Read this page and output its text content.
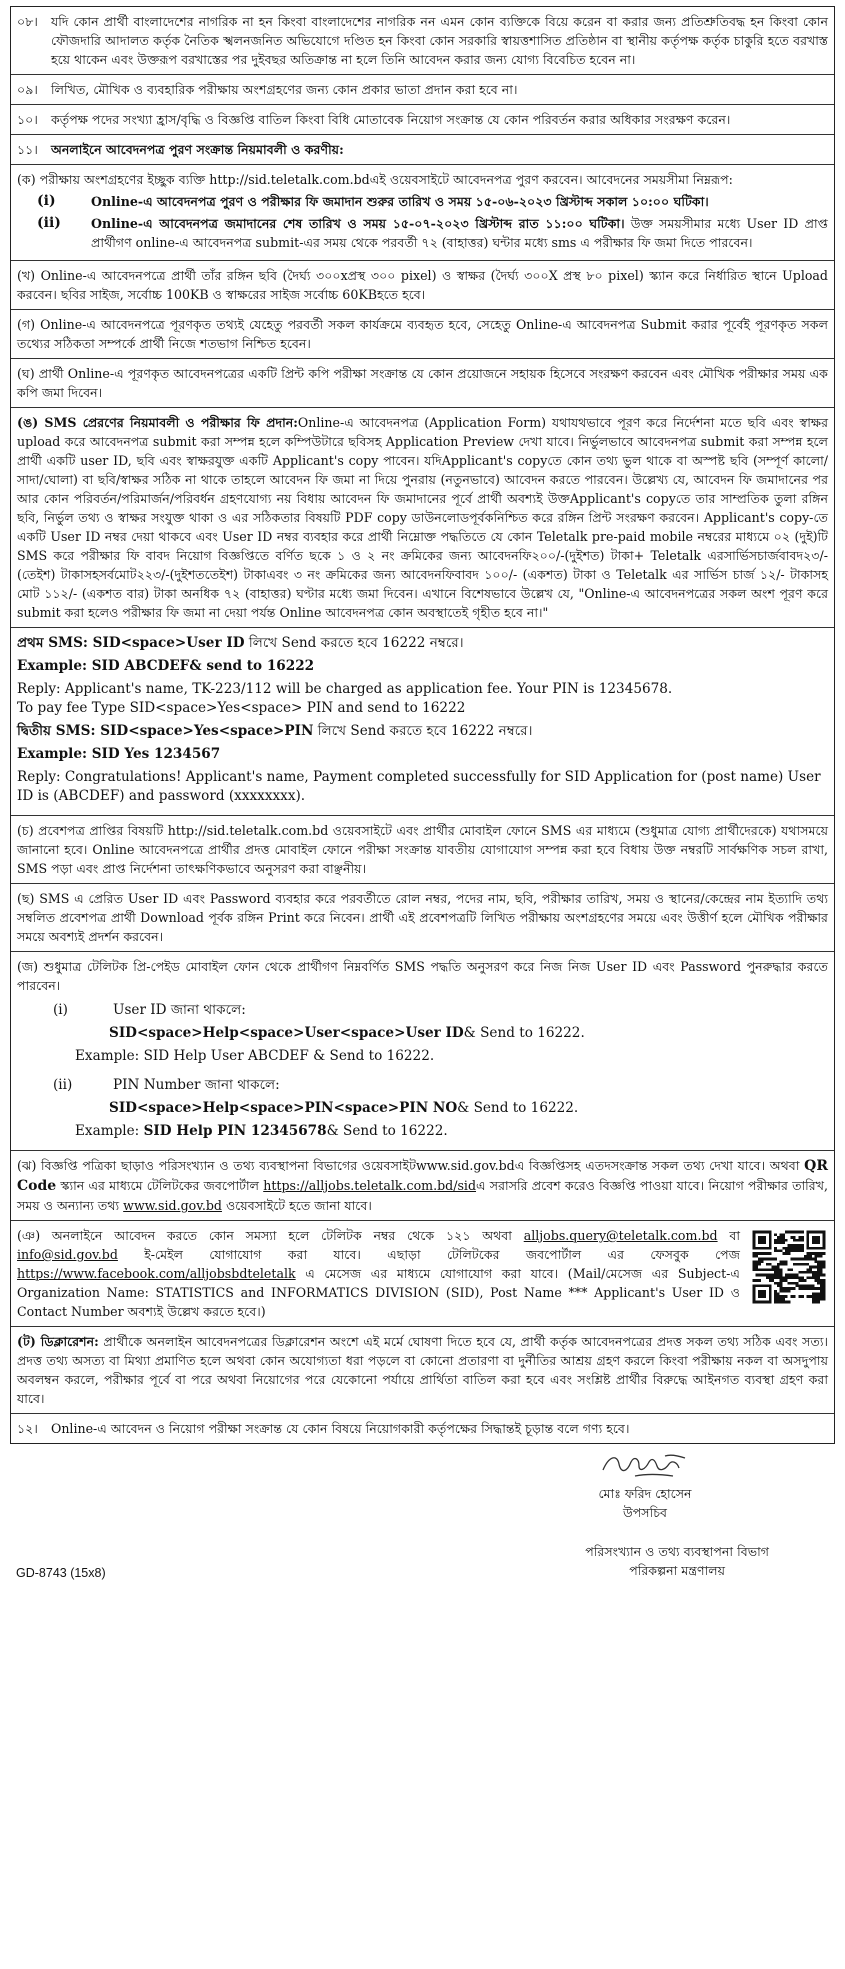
০৮।	যদি কোন প্রার্থী বাংলাদেশের নাগরিক না হন কিংবা বাংলাদেশের নাগরিক নন এমন কোন ব্যক্তিকে বিয়ে করেন বা করার জন্য প্রতিশ্রুতিবদ্ধ হন কিংবা কোন ফৌজদারি আদালত কর্তৃক নৈতিক স্খলনজনিত অভিযোগে দণ্ডিত হন কিংবা কোন সরকারি স্বায়ত্তশাসিত প্রতিষ্ঠান বা স্থানীয় কর্তৃপক্ষ কর্তৃক চাকুরি হতে বরখাস্ত হয়ে থাকেন এবং উক্তরূপ বরখাস্তের পর দুইবছর অতিক্রান্ত না হলে তিনি আবেদন করার জন্য যোগ্য বিবেচিত হবেন না।
০৯।	লিখিত, মৌখিক ও ব্যবহারিক পরীক্ষায় অংশগ্রহণের জন্য কোন প্রকার ভাতা প্রদান করা হবে না।
১০।	কর্তৃপক্ষ পদের সংখ্যা হ্রাস/বৃদ্ধি ও বিজ্ঞপ্তি বাতিল কিংবা বিধি মোতাবেক নিয়োগ সংক্রান্ত যে কোন পরিবর্তন করার অধিকার সংরক্ষণ করেন।
১১।	অনলাইনে আবেদনপত্র পুরণ সংক্রান্ত নিয়মাবলী ও করণীয়:
(ক) পরীক্ষায় অংশগ্রহণের ইচ্ছুক ব্যক্তি http://sid.teletalk.com.bdএই ওয়েবসাইটে আবেদনপত্র পুরণ করবেন। আবেদনের সময়সীমা নিম্নরূপ:
(i)	Online-এ আবেদনপত্র পুরণ ও পরীক্ষার ফি জমাদান শুরুর তারিখ ও সময় ১৫-০৬-২০২৩ খ্রিস্টাব্দ সকাল ১০:০০ ঘটিকা।
(ii)	Online-এ আবেদনপত্র জমাদানের শেষ তারিখ ও সময় ১৫-০৭-২০২৩ খ্রিস্টাব্দ রাত ১১:০০ ঘটিকা। উক্ত সময়সীমার মধ্যে User ID প্রাপ্ত প্রার্থীগণ online-এ আবেদনপত্র submit-এর সময় থেকে পরবর্তী ৭২ (বাহাত্তর) ঘন্টার মধ্যে sms এ পরীক্ষার ফি জমা দিতে পারবেন।
(খ) Online-এ আবেদনপত্রে প্রার্থী তাঁর রঙ্গিন ছবি (দৈর্ঘ্য ৩০০xপ্রস্থ ৩০০ pixel) ও স্বাক্ষর (দৈর্ঘ্য ৩০০X প্রস্থ ৮০ pixel) স্ক্যান করে নির্ধারিত স্থানে Upload করবেন। ছবির সাইজ, সর্বোচ্চ 100KB ও স্বাক্ষরের সাইজ সর্বোচ্চ 60KBহতে হবে।
(গ) Online-এ আবেদনপত্রে পূরণকৃত তথ্যই যেহেতু পরবর্তী সকল কার্যক্রমে ব্যবহৃত হবে, সেহেতু Online-এ আবেদনপত্র Submit করার পূর্বেই পূরণকৃত সকল তথ্যের সঠিকতা সম্পর্কে প্রার্থী নিজে শতভাগ নিশ্চিত হবেন।
(ঘ) প্রার্থী Online-এ পূরণকৃত আবেদনপত্রের একটি প্রিন্ট কপি পরীক্ষা সংক্রান্ত যে কোন প্রয়োজনে সহায়ক হিসেবে সংরক্ষণ করবেন এবং মৌখিক পরীক্ষার সময় এক কপি জমা দিবেন।
(ঙ) SMS প্রেরণের নিয়মাবলী ও পরীক্ষার ফি প্রদান:Online-এ আবেদনপত্র (Application Form) যথাযথভাবে পূরণ করে নির্দেশনা মতে ছবি এবং স্বাক্ষর upload করে আবেদনপত্র submit করা সম্পন্ন হলে কম্পিউটারে ছবিসহ Application Preview দেখা যাবে। নির্ভুলভাবে আবেদনপত্র submit করা সম্পন্ন হলে প্রার্থী একটি user ID, ছবি এবং স্বাক্ষরযুক্ত একটি Applicant's copy পাবেন। যদিApplicant's copyতে কোন তথ্য ভুল থাকে বা অস্পষ্ট ছবি (সম্পূর্ণ কালো/সাদা/ঘোলা) বা ছবি/স্বাক্ষর সঠিক না থাকে তাহলে আবেদন ফি জমা না দিয়ে পুনরায় (নতুনভাবে) আবেদন করতে পারবেন। উল্লেখ্য যে, আবেদন ফি জমাদানের পর আর কোন পরিবর্তন/পরিমার্জন/পরিবর্ধন গ্রহণযোগ্য নয় বিধায় আবেদন ফি জমাদানের পূর্বে প্রার্থী অবশ্যই উক্তApplicant's copyতে তার সাম্প্রতিক তুলা রঙ্গিন ছবি, নির্ভুল তথ্য ও স্বাক্ষর সংযুক্ত থাকা ও এর সঠিকতার বিষয়টি PDF copy ডাউনলোডপূর্বকনিশ্চিত করে রঙ্গিন প্রিন্ট সংরক্ষণ করবেন। Applicant's copy-তে একটি User ID নম্বর দেয়া থাকবে এবং User ID নম্বর ব্যবহার করে প্রার্থী নিম্নোক্ত পদ্ধতিতে যে কোন Teletalk pre-paid mobile নম্বরের মাধ্যমে ০২ (দুই)টি SMS করে পরীক্ষার ফি বাবদ নিয়োগ বিজ্ঞপ্তিতে বর্ণিত ছকে ১ ও ২ নং ক্রমিকের জন্য আবেদনফি২০০/-(দুইশত) টাকা+ Teletalk এরসার্ভিসচার্জবাবদ২৩/- (তেইশ) টাকাসহসর্বমোট২২৩/-(দুইশততেইশ) টাকাএবং ৩ নং ক্রমিকের জন্য আবেদনফিবাবদ ১০০/- (একশত) টাকা ও Teletalk এর সার্ভিস চার্জ ১২/- টাকাসহ মোট ১১২/- (একশত বার) টাকা অনধিক ৭২ (বাহাত্তর) ঘণ্টার মধ্যে জমা দিবেন। এখানে বিশেষভাবে উল্লেখ যে, "Online-এ আবেদনপত্রের সকল অংশ পূরণ করে submit করা হলেও পরীক্ষার ফি জমা না দেয়া পর্যন্ত Online আবেদনপত্র কোন অবস্থাতেই গৃহীত হবে না।"
প্রথম SMS: SID<space>User ID লিখে Send করতে হবে 16222 নম্বরে।
Example: SID ABCDEF& send to 16222
Reply: Applicant's name, TK-223/112 will be charged as application fee. Your PIN is 12345678.
To pay fee Type SID<space>Yes<space> PIN and send to 16222
দ্বিতীয় SMS: SID<space>Yes<space>PIN লিখে Send করতে হবে 16222 নম্বরে।
Example: SID Yes 1234567
Reply: Congratulations! Applicant's name, Payment completed successfully for SID Application for (post name) User ID is (ABCDEF) and password (xxxxxxxx).
(চ) প্রবেশপত্র প্রাপ্তির বিষয়টি http://sid.teletalk.com.bd ওয়েবসাইটে এবং প্রার্থীর মোবাইল ফোনে SMS এর মাধ্যমে (শুধুমাত্র যোগ্য প্রার্থীদেরকে) যথাসময়ে জানানো হবে। Online আবেদনপত্রে প্রার্থীর প্রদত্ত মোবাইল ফোনে পরীক্ষা সংক্রান্ত যাবতীয় যোগাযোগ সম্পন্ন করা হবে বিধায় উক্ত নম্বরটি সার্বক্ষণিক সচল রাখা, SMS পড়া এবং প্রাপ্ত নির্দেশনা তাৎক্ষণিকভাবে অনুসরণ করা বাঞ্ছনীয়।
(ছ) SMS এ প্রেরিত User ID এবং Password ব্যবহার করে পরবর্তীতে রোল নম্বর, পদের নাম, ছবি, পরীক্ষার তারিখ, সময় ও স্থানের/কেন্দ্রের নাম ইত্যাদি তথ্য সম্বলিত প্রবেশপত্র প্রার্থী Download পূর্বক রঙ্গিন Print করে নিবেন। প্রার্থী এই প্রবেশপত্রটি লিখিত পরীক্ষায় অংশগ্রহণের সময়ে এবং উত্তীর্ণ হলে মৌখিক পরীক্ষার সময়ে অবশ্যই প্রদর্শন করবেন।
(জ) শুধুমাত্র টেলিটক প্রি-পেইড মোবাইল ফোন থেকে প্রার্থীগণ নিম্নবর্ণিত SMS পদ্ধতি অনুসরণ করে নিজ নিজ User ID এবং Password পুনরুদ্ধার করতে পারবেন।
(i)	User ID জানা থাকলে:
SID<space>Help<space>User<space>User ID& Send to 16222.
Example: SID Help User ABCDEF & Send to 16222.
(ii)	PIN Number জানা থাকলে:
SID<space>Help<space>PIN<space>PIN NO& Send to 16222.
Example: SID Help PIN 12345678& Send to 16222.
(ঝ) বিজ্ঞপ্তি পত্রিকা ছাড়াও পরিসংখ্যান ও তথ্য ব্যবস্থাপনা বিভাগের ওয়েবসাইটwww.sid.gov.bdএ বিজ্ঞপ্তিসহ এতদসংক্রান্ত সকল তথ্য দেখা যাবে। অথবা QR Code স্ক্যান এর মাধ্যমে টেলিটকের জবপোর্টাল https://alljobs.teletalk.com.bd/sidএ সরাসরি প্রবেশ করেও বিজ্ঞপ্তি পাওয়া যাবে। নিয়োগ পরীক্ষার তারিখ, সময় ও অন্যান্য তথ্য www.sid.gov.bd ওয়েবসাইটে হতে জানা যাবে।
(ঞ) অনলাইনে আবেদন করতে কোন সমস্যা হলে টেলিটক নম্বর থেকে ১২১ অথবা alljobs.query@teletalk.com.bd বা info@sid.gov.bd ই-মেইল যোগাযোগ করা যাবে। এছাড়া টেলিটকের জবপোর্টাল এর ফেসবুক পেজ https://www.facebook.com/alljobsbdteletalk এ মেসেজ এর মাধ্যমে যোগাযোগ করা যাবে। (Mail/মেসেজ এর Subject-এ Organization Name: STATISTICS and INFORMATICS DIVISION (SID), Post Name *** Applicant's User ID ও Contact Number অবশ্যই উল্লেখ করতে হবে।)
(ট) ডিক্লারেশন: প্রার্থীকে অনলাইন আবেদনপত্রের ডিক্লারেশন অংশে এই মর্মে ঘোষণা দিতে হবে যে, প্রার্থী কর্তৃক আবেদনপত্রের প্রদত্ত সকল তথ্য সঠিক এবং সত্য। প্রদত্ত তথ্য অসত্য বা মিথ্যা প্রমাণিত হলে অথবা কোন অযোগ্যতা ধরা পড়লে বা কোনো প্রতারণা বা দুর্নীতির আশ্রয় গ্রহণ করলে কিংবা পরীক্ষায় নকল বা অসদুপায় অবলম্বন করলে, পরীক্ষার পূর্বে বা পরে অথবা নিয়োগের পরে যেকোনো পর্যায়ে প্রার্থিতা বাতিল করা হবে এবং সংশ্লিষ্ট প্রার্থীর বিরুদ্ধে আইনগত ব্যবস্থা গ্রহণ করা যাবে।
১২।	Online-এ আবেদন ও নিয়োগ পরীক্ষা সংক্রান্ত যে কোন বিষয়ে নিয়োগকারী কর্তৃপক্ষের সিদ্ধান্তই চূড়ান্ত বলে গণ্য হবে।
মোঃ ফরিদ হোসেন
উপসচিব
GD-8743 (15x8)
পরিসংখ্যান ও তথ্য ব্যবস্থাপনা বিভাগ
পরিকল্পনা মন্ত্রণালয়
